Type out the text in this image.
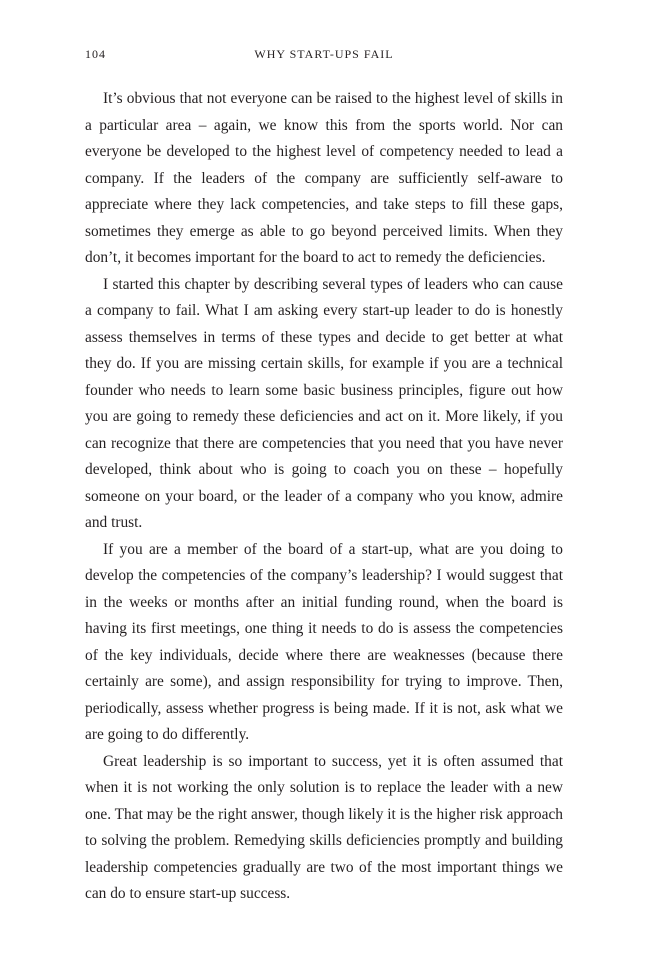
104	WHY START-UPS FAIL

It’s obvious that not everyone can be raised to the highest level of skills in a particular area – again, we know this from the sports world. Nor can everyone be developed to the highest level of competency needed to lead a company. If the leaders of the company are sufficiently self-aware to appreciate where they lack competencies, and take steps to fill these gaps, sometimes they emerge as able to go beyond perceived limits. When they don’t, it becomes important for the board to act to remedy the deficiencies.

I started this chapter by describing several types of leaders who can cause a company to fail. What I am asking every start-up leader to do is honestly assess themselves in terms of these types and decide to get better at what they do. If you are missing certain skills, for example if you are a technical founder who needs to learn some basic business principles, figure out how you are going to remedy these deficiencies and act on it. More likely, if you can recognize that there are competencies that you need that you have never developed, think about who is going to coach you on these – hopefully someone on your board, or the leader of a company who you know, admire and trust.

If you are a member of the board of a start-up, what are you doing to develop the competencies of the company’s leadership? I would suggest that in the weeks or months after an initial funding round, when the board is having its first meetings, one thing it needs to do is assess the competencies of the key individuals, decide where there are weaknesses (because there certainly are some), and assign responsibility for trying to improve. Then, periodically, assess whether progress is being made. If it is not, ask what we are going to do differently.

Great leadership is so important to success, yet it is often assumed that when it is not working the only solution is to replace the leader with a new one. That may be the right answer, though likely it is the higher risk approach to solving the problem. Remedying skills deficiencies promptly and building leadership competencies gradually are two of the most important things we can do to ensure start-up success.
